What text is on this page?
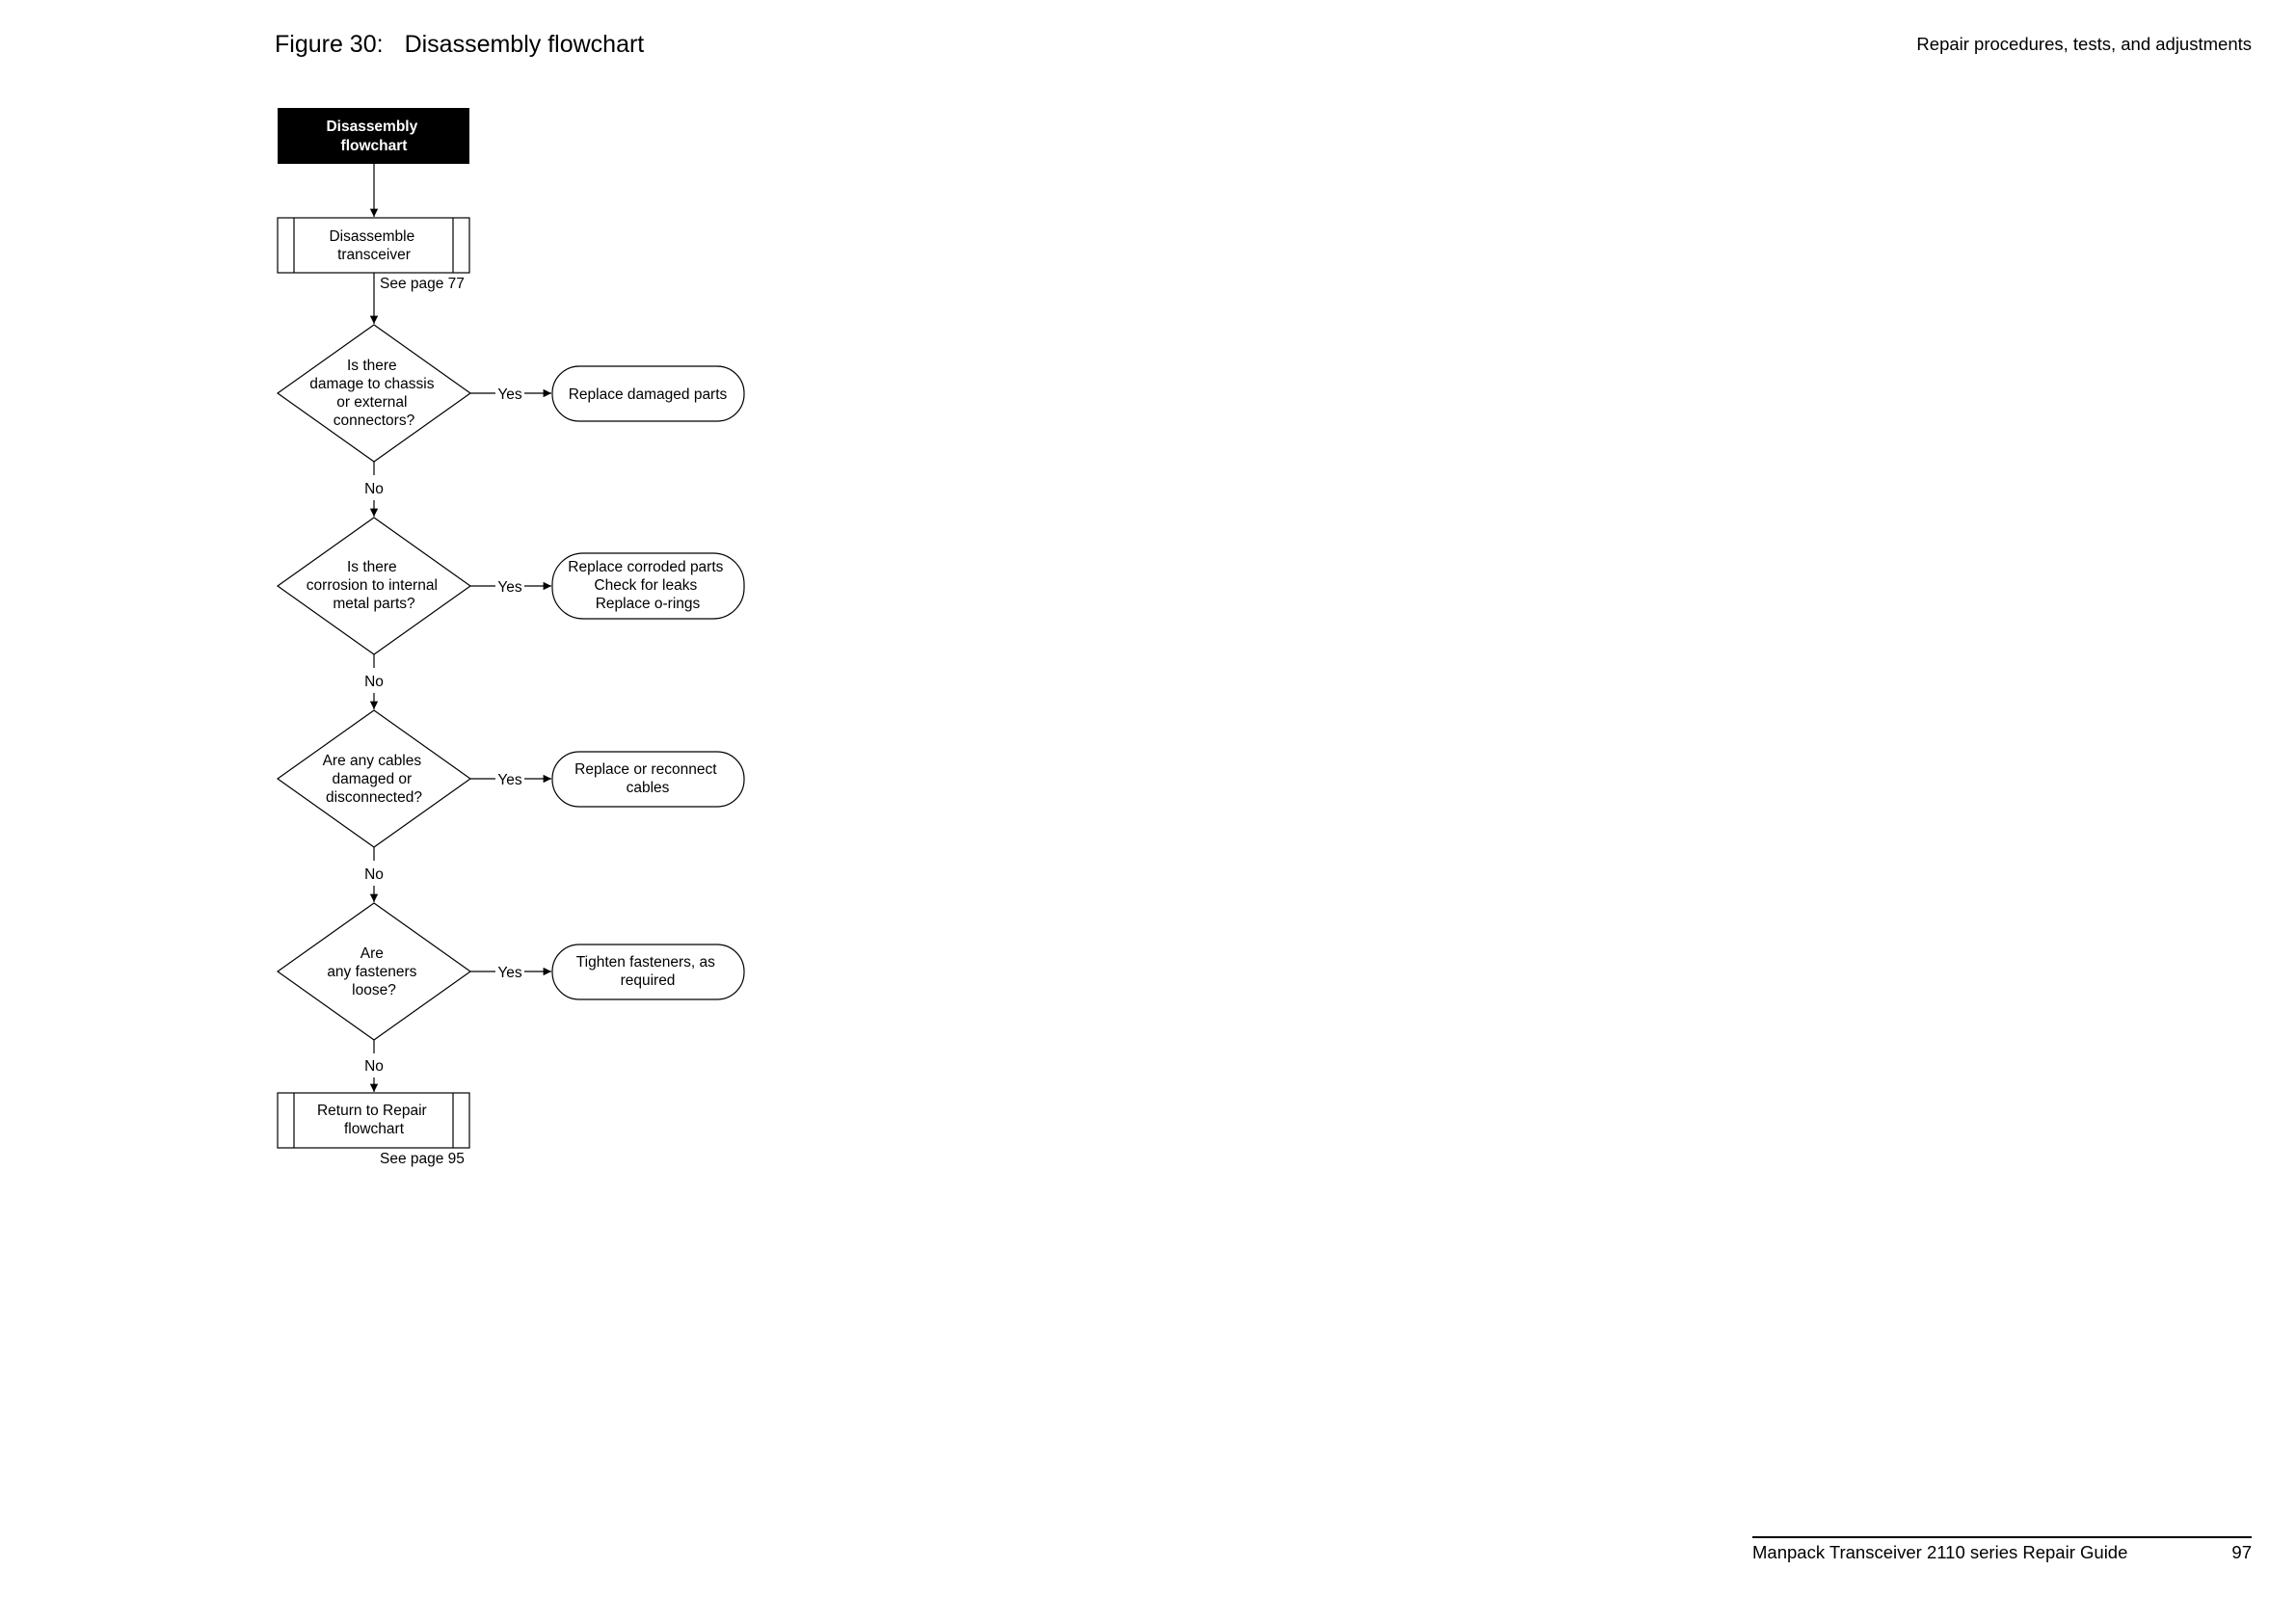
Figure 30: Disassembly flowchart	Repair procedures, tests, and adjustments
Disassembly flowchart
Disassemble transceiver
See page 77
Is there damage to chassis or external connectors?
Yes	Replace damaged parts
No
Is there corrosion to internal metal parts?
Yes
Replace corroded parts Check for leaks Replace o-rings
No
Are any cables damaged or disconnected?
Yes
Replace or reconnect cables
No
Are any fasteners loose?
Yes
Tighten fasteners, as required
No
Return to Repair flowchart
See page 95
Manpack Transceiver 2110 series Repair Guide	97
